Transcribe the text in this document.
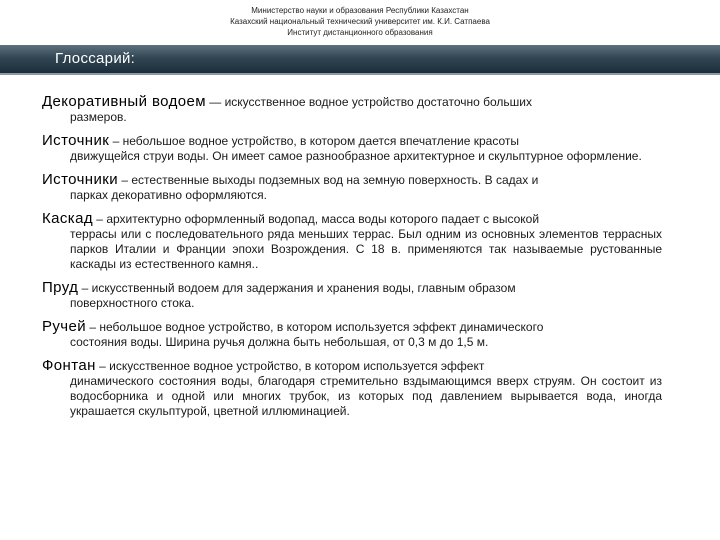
Министерство науки и образования Республики Казахстан
Казахский национальный технический университет им. К.И. Сатпаева
Институт дистанционного образования
Глоссарий:
Декоративный водоем — искусственное водное устройство достаточно больших
размеров.
Источник – небольшое водное устройство, в котором дается впечатление красоты
движущейся струи воды. Он имеет самое разнообразное архитектурное и скульптурное оформление.
Источники – естественные выходы подземных вод на земную поверхность. В садах и
парках декоративно оформляются.
Каскад – архитектурно оформленный водопад, масса воды которого падает с высокой
террасы или с последовательного ряда меньших террас. Был одним из основных элементов террасных парков Италии и Франции эпохи Возрождения. С 18 в. применяются так называемые рустованные каскады из естественного камня..
Пруд – искусственный водоем для задержания и хранения воды, главным образом
поверхностного стока.
Ручей – небольшое водное устройство, в котором используется эффект динамического
состояния воды. Ширина ручья должна быть небольшая, от 0,3 м до 1,5 м.
Фонтан – искусственное водное устройство, в котором используется эффект
динамического состояния воды, благодаря стремительно вздымающимся вверх струям. Он состоит из водосборника и одной или многих трубок, из которых под давлением вырывается вода, иногда украшается скульптурой, цветной иллюминацией.
